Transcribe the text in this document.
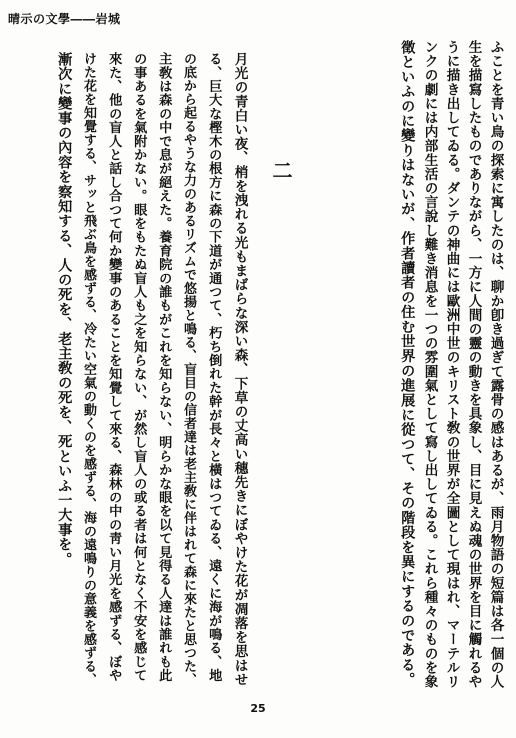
晴示の文學――岩城
ふことを青い鳥の探索に寓したのは、聊か卽き過ぎて露骨の感はあるが、雨月物語の短篇は各一個の人
生を描寫したものでありながら、一方に人間の靈の動きを具象し、目に見えぬ魂の世界を目に觸れるや
うに描き出してゐる。ダンテの神曲には歐洲中世のキリスト敎の世界が全圖として現はれ、マーテルリ
ンクの劇には内部生活の言說し難き消息を一つの雰圍氣として寫し出してゐる。これら種々のものを象
徵といふのに變りはないが、作者讀者の住む世界の進展に從つて、その階段を異にするのである。
二
月光の青白い夜、梢を洩れる光もまばらな深い森、下草の丈高い穗先きにぼやけた花が凋落を思はせ
る、巨大な樫木の根方に森の下道が通つて、朽ち倒れた幹が長々と橫はつてゐる、遠くに海が鳴る、地
の底から起るやうな力のあるリズムで悠揚と鳴る、盲目の信者達は老主敎に伴はれて森に來たと思つた、
主敎は森の中で息が絕えた。養育院の誰もがこれを知らない、明らかな眼を以て見得る人達は誰れも此
の事あるを氣附かない。眼をもたぬ盲人も之を知らない、が然し盲人の或る者は何となく不安を感じて
來た、他の盲人と話し合つて何か變事のあることを知覺して來る、森林の中の靑い月光を感ずる、ぼや
けた花を知覺する、サッと飛ぶ鳥を感ずる、冷たい空氣の動くのを感ずる、海の遠鳴りの意義を感ずる、
漸次に變事の內容を察知する、人の死を、老主敎の死を、死といふ一大事を。
25
